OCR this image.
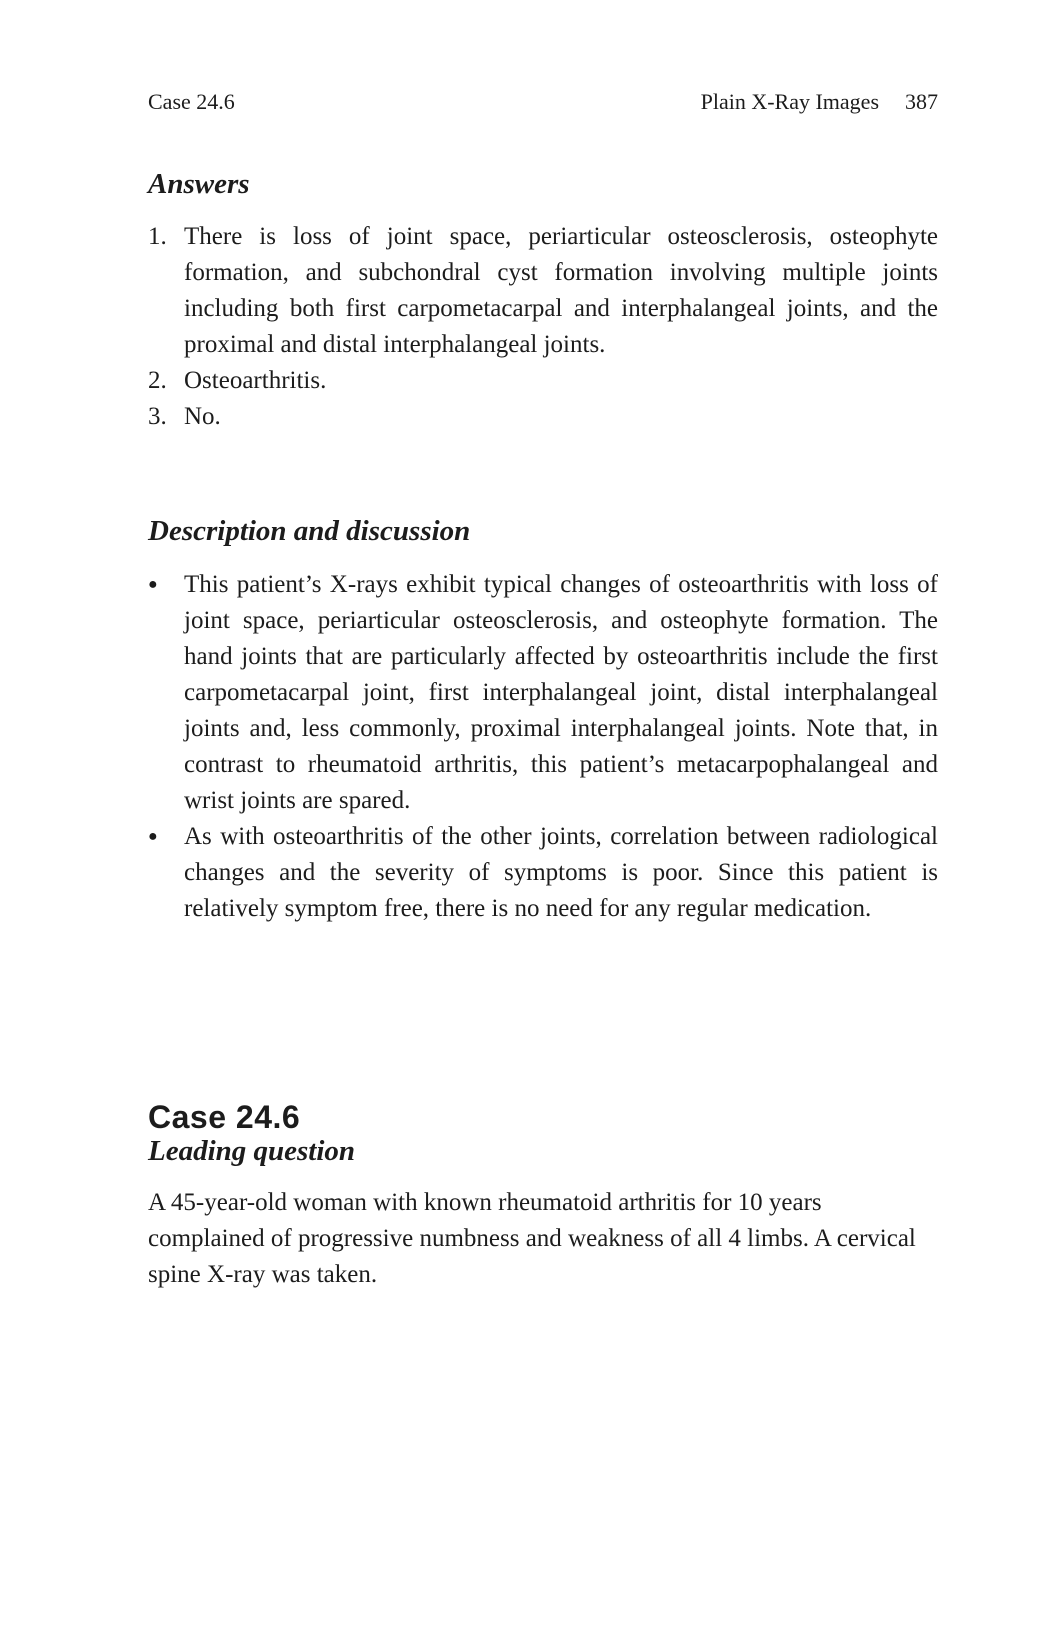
Case 24.6	Plain X-Ray Images 387
Answers
1. There is loss of joint space, periarticular osteosclerosis, osteophyte formation, and subchondral cyst formation involving multiple joints including both first carpometacarpal and interphalangeal joints, and the proximal and distal interphalangeal joints.
2. Osteoarthritis.
3. No.
Description and discussion
● This patient’s X-rays exhibit typical changes of osteoarthritis with loss of joint space, periarticular osteosclerosis, and osteophyte formation. The hand joints that are particularly affected by osteoarthritis include the first carpometacarpal joint, first interphalangeal joint, distal interphalangeal joints and, less commonly, proximal interphalangeal joints. Note that, in contrast to rheumatoid arthritis, this patient’s metacarpophalangeal and wrist joints are spared.
● As with osteoarthritis of the other joints, correlation between radiological changes and the severity of symptoms is poor. Since this patient is relatively symptom free, there is no need for any regular medication.
Case 24.6
Leading question

A 45-year-old woman with known rheumatoid arthritis for 10 years complained of progressive numbness and weakness of all 4 limbs. A cervical spine X-ray was taken.
